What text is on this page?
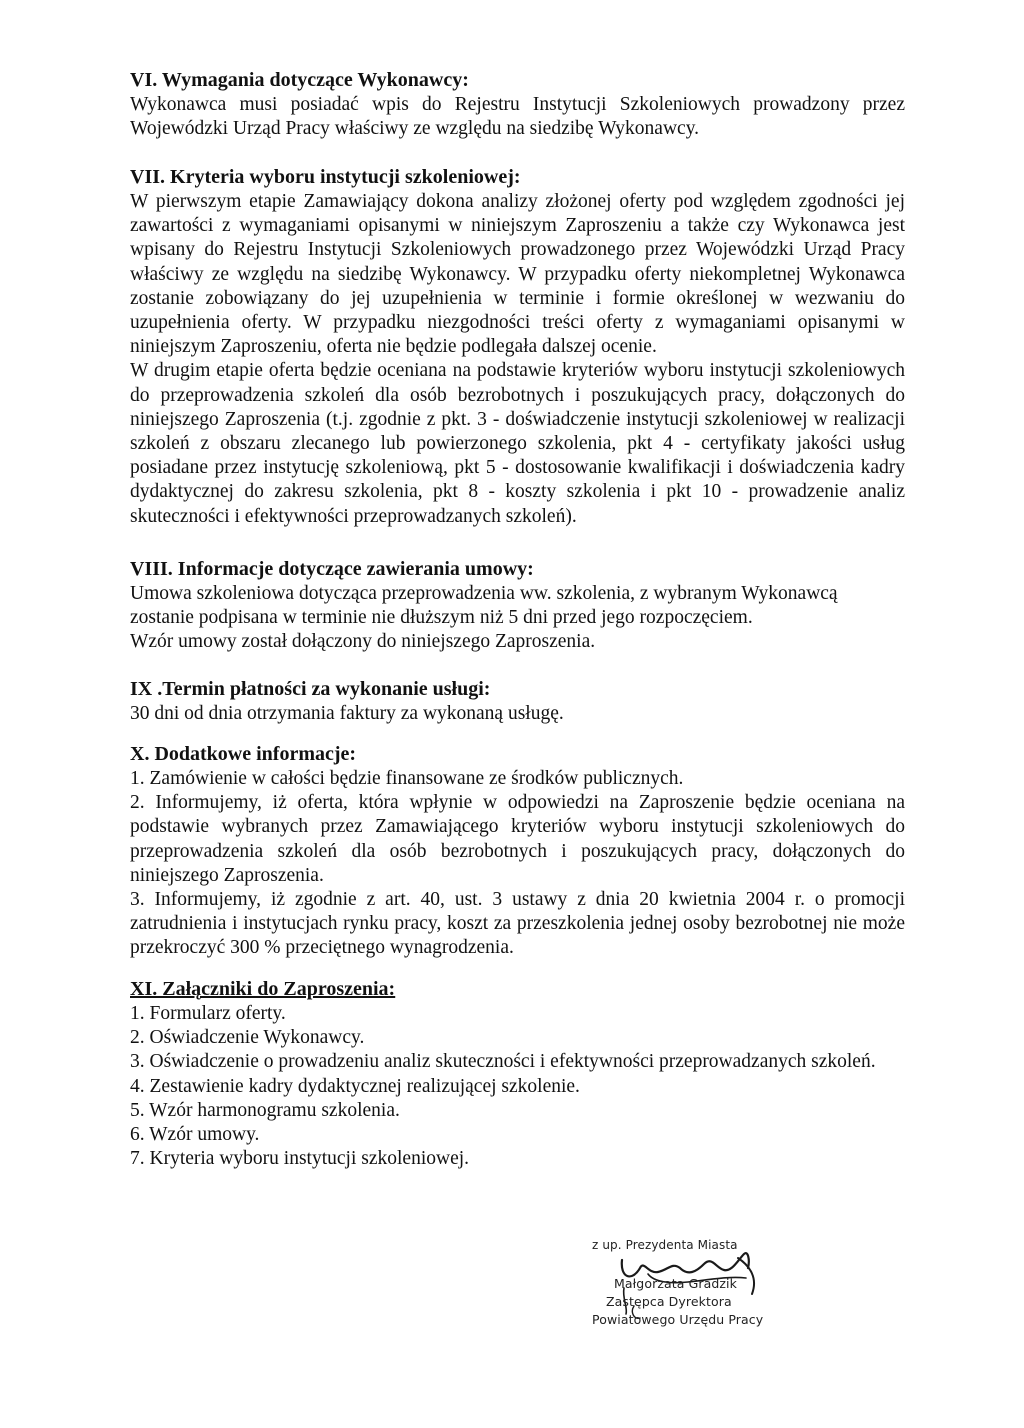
VI. Wymagania dotyczące Wykonawcy:

Wykonawca musi posiadać wpis do Rejestru Instytucji Szkoleniowych prowadzony przez

Wojewódzki Urząd Pracy właściwy ze względu na siedzibę Wykonawcy.

VII. Kryteria wyboru instytucji szkoleniowej:

W pierwszym etapie Zamawiający dokona analizy złożonej oferty pod względem zgodności jej zawartości z wymaganiami opisanymi w niniejszym Zaproszeniu a także czy Wykonawca jest wpisany do Rejestru Instytucji Szkoleniowych prowadzonego przez Wojewódzki Urząd Pracy właściwy ze względu na siedzibę Wykonawcy. W przypadku oferty niekompletnej Wykonawca zostanie zobowiązany do jej uzupełnienia w terminie i formie określonej w wezwaniu do uzupełnienia oferty. W przypadku niezgodności treści oferty z wymaganiami opisanymi w niniejszym Zaproszeniu, oferta nie będzie podlegała dalszej ocenie.

W drugim etapie oferta będzie oceniana na podstawie kryteriów wyboru instytucji szkoleniowych do przeprowadzenia szkoleń dla osób bezrobotnych i poszukujących pracy, dołączonych do niniejszego Zaproszenia (t.j. zgodnie z pkt. 3 - doświadczenie instytucji szkoleniowej w realizacji szkoleń z obszaru zlecanego lub powierzonego szkolenia, pkt 4 - certyfikaty jakości usług posiadane przez instytucję szkoleniową, pkt 5 - dostosowanie kwalifikacji i doświadczenia kadry dydaktycznej do zakresu szkolenia, pkt 8 - koszty szkolenia i pkt 10 - prowadzenie analiz skuteczności i efektywności przeprowadzanych szkoleń).

VIII. Informacje dotyczące zawierania umowy:

Umowa szkoleniowa dotycząca przeprowadzenia ww. szkolenia, z wybranym Wykonawcą

zostanie podpisana w terminie nie dłuższym niż 5 dni przed jego rozpoczęciem.

Wzór umowy został dołączony do niniejszego Zaproszenia.

IX .Termin płatności za wykonanie usługi:

30 dni od dnia otrzymania faktury za wykonaną usługę.

X. Dodatkowe informacje:

1. Zamówienie w całości będzie finansowane ze środków publicznych.

2. Informujemy, iż oferta, która wpłynie w odpowiedzi na Zaproszenie będzie oceniana na podstawie wybranych przez Zamawiającego kryteriów wyboru instytucji szkoleniowych do przeprowadzenia szkoleń dla osób bezrobotnych i poszukujących pracy, dołączonych do niniejszego Zaproszenia.

3. Informujemy, iż zgodnie z art. 40, ust. 3 ustawy z dnia 20 kwietnia 2004 r. o promocji zatrudnienia i instytucjach rynku pracy, koszt za przeszkolenia jednej osoby bezrobotnej nie może przekroczyć 300 % przeciętnego wynagrodzenia.

XI. Załączniki do Zaproszenia:

1. Formularz oferty.

2. Oświadczenie Wykonawcy.

3. Oświadczenie o prowadzeniu analiz skuteczności i efektywności przeprowadzanych szkoleń.

4. Zestawienie kadry dydaktycznej realizującej szkolenie.

5. Wzór harmonogramu szkolenia.

6. Wzór umowy.

7. Kryteria wyboru instytucji szkoleniowej.

z up. Prezydenta Miasta
Małgorzata Gradzik
Zastępca Dyrektora
Powiatowego Urzędu Pracy
